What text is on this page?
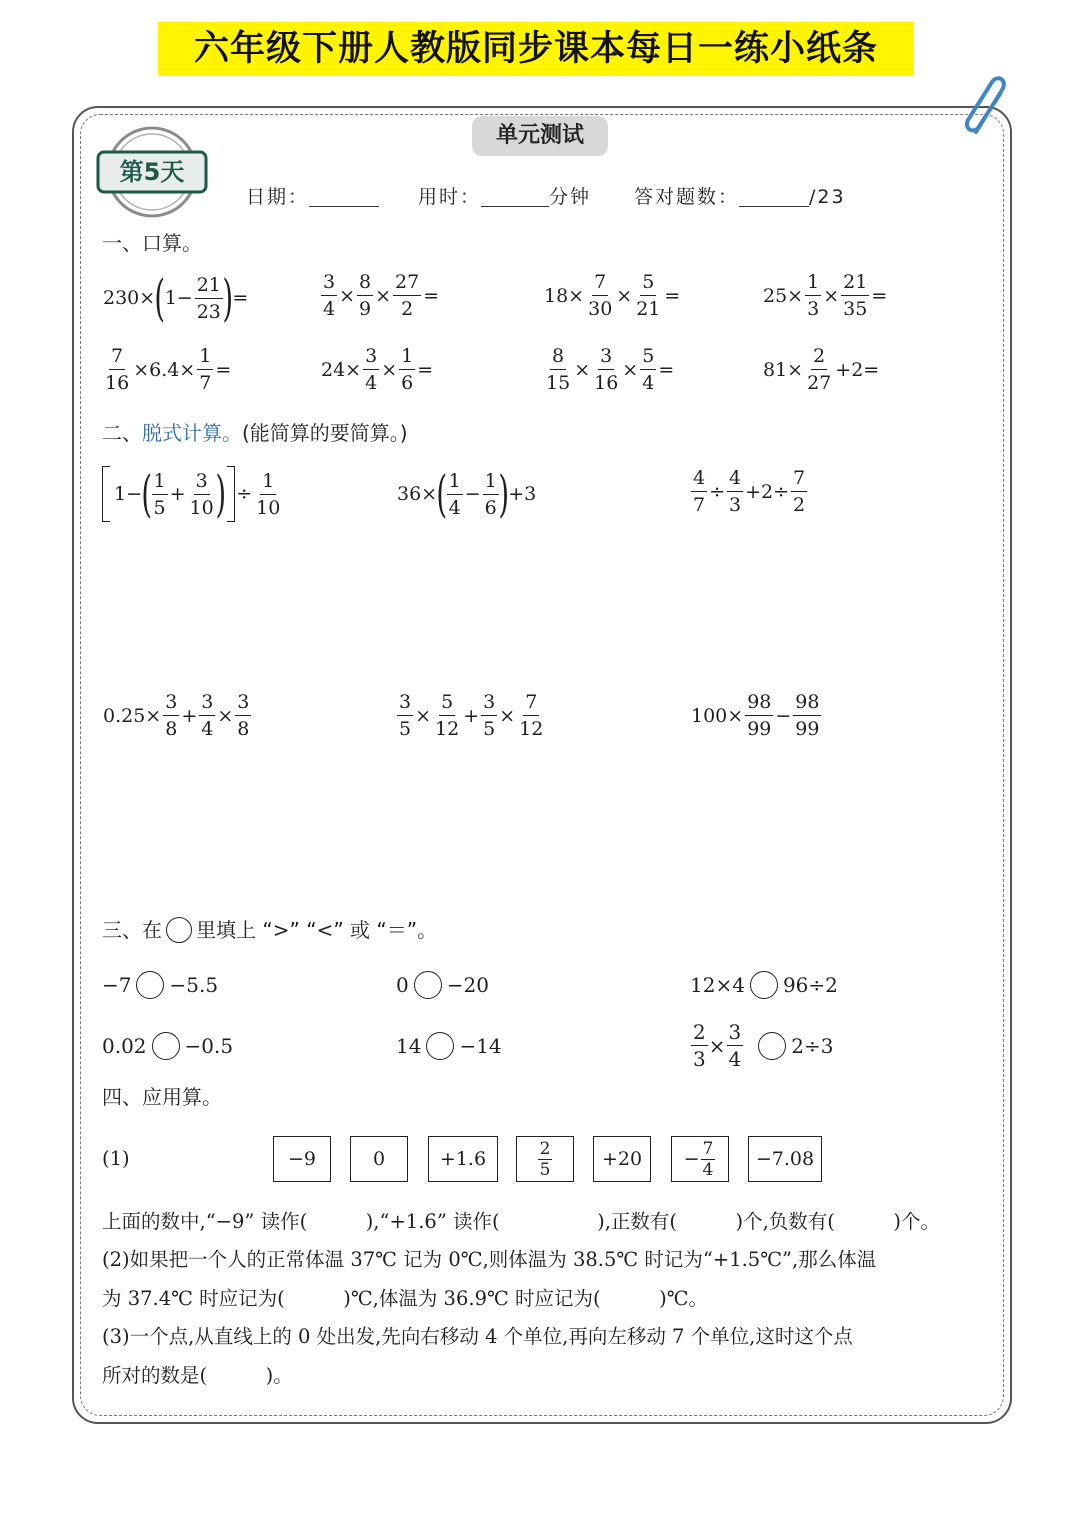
六年级下册人教版同步课本每日一练小纸条
单元测试
第5天
日期：	用时：	分钟 答对题数：	/23
一、口算。
230× ( $1- \frac{21}{23}$ ) =	$\frac{3}{4} \times \frac{8}{9} \times \frac{27}{2}$ =	$18\times \frac{7}{30} \times \frac{5}{21}$ =	$25\times \frac{1}{3} \times \frac{21}{35}$ =
$\frac{7}{16} \times 6.4\times \frac{1}{7}$ =	$24\times \frac{3}{4} \times \frac{1}{6}$ =	$\frac{8}{15} \times \frac{3}{16} \times \frac{5}{4}$ =	$81\times \frac{2}{27} +2=$
二、脱式计算。(能简算的要简算。)
1− ( $\frac{1}{5} + \frac{3}{10}$ ) ÷ $\frac{1}{10}$	36× ( $\frac{1}{4} - \frac{1}{6}$ ) +3	$\frac{4}{7} \div \frac{4}{3} +2\div \frac{7}{2}$
$0.25\times \frac{3}{8} + \frac{3}{4} \times \frac{3}{8}$	$\frac{3}{5} \times \frac{5}{12} + \frac{3}{5} \times \frac{7}{12}$	$100\times \frac{98}{99} - \frac{98}{99}$
三、在 里填上 “>” “<” 或 “＝”。
−7 −5.5	0 −20	12×4 96÷2
0.02 −0.5	14 −14	$\frac{2}{3} \times \frac{3}{4} 2\div 3$
四、应用算。
(1)	−9	0	+1.6	$\frac{2}{5}$	$+20 - \frac{7}{4} -7.08$
上面的数中,“−9” 读作(　　　),“+1.6” 读作(　　　　　),正数有(　　　)个,负数有(　　　)个。
(2)如果把一个人的正常体温 37℃ 记为 0℃,则体温为 38.5℃ 时记为“+1.5℃”,那么体温
为 37.4℃ 时应记为(　　　)℃,体温为 36.9℃ 时应记为(　　　)℃。
(3)一个点,从直线上的 0 处出发,先向右移动 4 个单位,再向左移动 7 个单位,这时这个点
所对的数是(　　　)。
